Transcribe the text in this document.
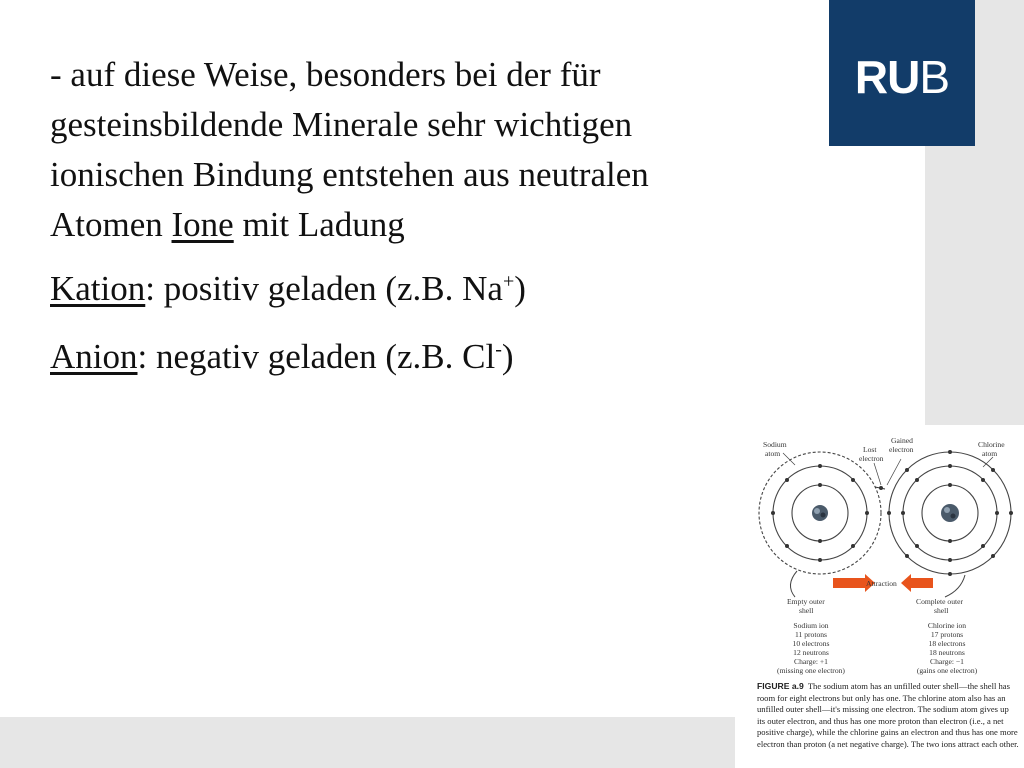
RUB

- auf diese Weise, besonders bei der für
gesteinsbildende Minerale sehr wichtigen
ionischen Bindung entstehen aus neutralen
Atomen Ione mit Ladung

Kation: positiv geladen (z.B. Na+)

Anion: negativ geladen (z.B. Cl-)

Sodium
atom	Lost
electron
Gained
electron
Chlorine
atom
Attraction
Empty outer
shell
Complete outer
shell
Sodium ion
11 protons
10 electrons
12 neutrons
Charge: +1
(missing one electron)
Chlorine ion
17 protons
18 electrons
18 neutrons
Charge: −1
(gains one electron)
FIGURE a.9 The sodium atom has an unfilled outer shell—the shell has room for eight electrons but only has one. The chlorine atom also has an unfilled outer shell—it's missing one electron. The sodium atom gives up its outer electron, and thus has one more proton than electron (i.e., a net positive charge), while the chlorine gains an electron and thus has one more electron than proton (a net negative charge). The two ions attract each other.
